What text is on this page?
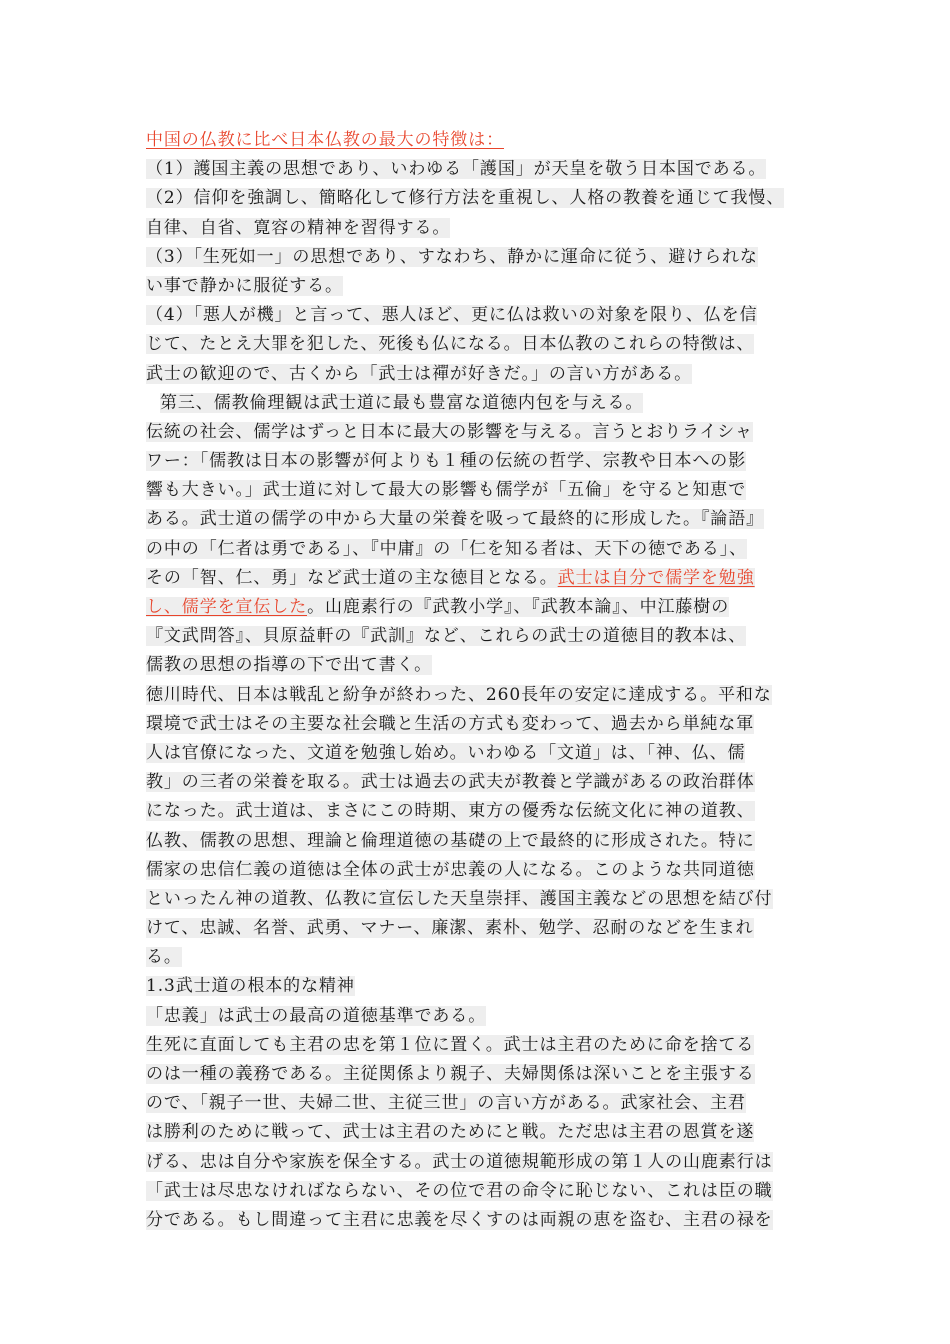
中国の仏教に比べ日本仏教の最大の特徴は：
（1）護国主義の思想であり、いわゆる「護国」が天皇を敬う日本国である。
（2）信仰を強調し、簡略化して修行方法を重視し、人格の教養を通じて我慢、
自律、自省、寛容の精神を習得する。
（3）「生死如一」の思想であり、すなわち、静かに運命に従う、避けられな
い事で静かに服従する。
（4）「悪人が機」と言って、悪人ほど、更に仏は救いの対象を限り、仏を信
じて、たとえ大罪を犯した、死後も仏になる。日本仏教のこれらの特徴は、
武士の歓迎ので、古くから「武士は禪が好きだ。」の言い方がある。
第三、儒教倫理観は武士道に最も豊富な道徳内包を与える。
伝統の社会、儒学はずっと日本に最大の影響を与える。言うとおりライシャ
ワー：「儒教は日本の影響が何よりも１種の伝統の哲学、宗教や日本への影
響も大きい。」武士道に対して最大の影響も儒学が「五倫」を守ると知恵で
ある。武士道の儒学の中から大量の栄養を吸って最終的に形成した。『論語』
の中の「仁者は勇である」、『中庸』の「仁を知る者は、天下の徳である」、
その「智、仁、勇」など武士道の主な徳目となる。武士は自分で儒学を勉強
し、儒学を宣伝した。山鹿素行の『武教小学』、『武教本論』、中江藤樹の
『文武問答』、貝原益軒の『武訓』など、これらの武士の道徳目的教本は、
儒教の思想の指導の下で出て書く。
徳川時代、日本は戦乱と紛争が終わった、260長年の安定に達成する。平和な
環境で武士はその主要な社会職と生活の方式も変わって、過去から単純な軍
人は官僚になった、文道を勉強し始め。いわゆる「文道」は、「神、仏、儒
教」の三者の栄養を取る。武士は過去の武夫が教養と学識があるの政治群体
になった。武士道は、まさにこの時期、東方の優秀な伝統文化に神の道教、
仏教、儒教の思想、理論と倫理道徳の基礎の上で最終的に形成された。特に
儒家の忠信仁義の道徳は全体の武士が忠義の人になる。このような共同道徳
といったん神の道教、仏教に宣伝した天皇崇拝、護国主義などの思想を結び付
けて、忠誠、名誉、武勇、マナー、廉潔、素朴、勉学、忍耐のなどを生まれ
る。
1.3武士道の根本的な精神
「忠義」は武士の最高の道徳基準である。
生死に直面しても主君の忠を第１位に置く。武士は主君のために命を捨てる
のは一種の義務である。主従関係より親子、夫婦関係は深いことを主張する
ので、「親子一世、夫婦二世、主従三世」の言い方がある。武家社会、主君
は勝利のために戦って、武士は主君のためにと戦。ただ忠は主君の恩賞を遂
げる、忠は自分や家族を保全する。武士の道徳規範形成の第１人の山鹿素行は
「武士は尽忠なければならない、その位で君の命令に恥じない、これは臣の職
分である。もし間違って主君に忠義を尽くすのは両親の恵を盗む、主君の禄を
